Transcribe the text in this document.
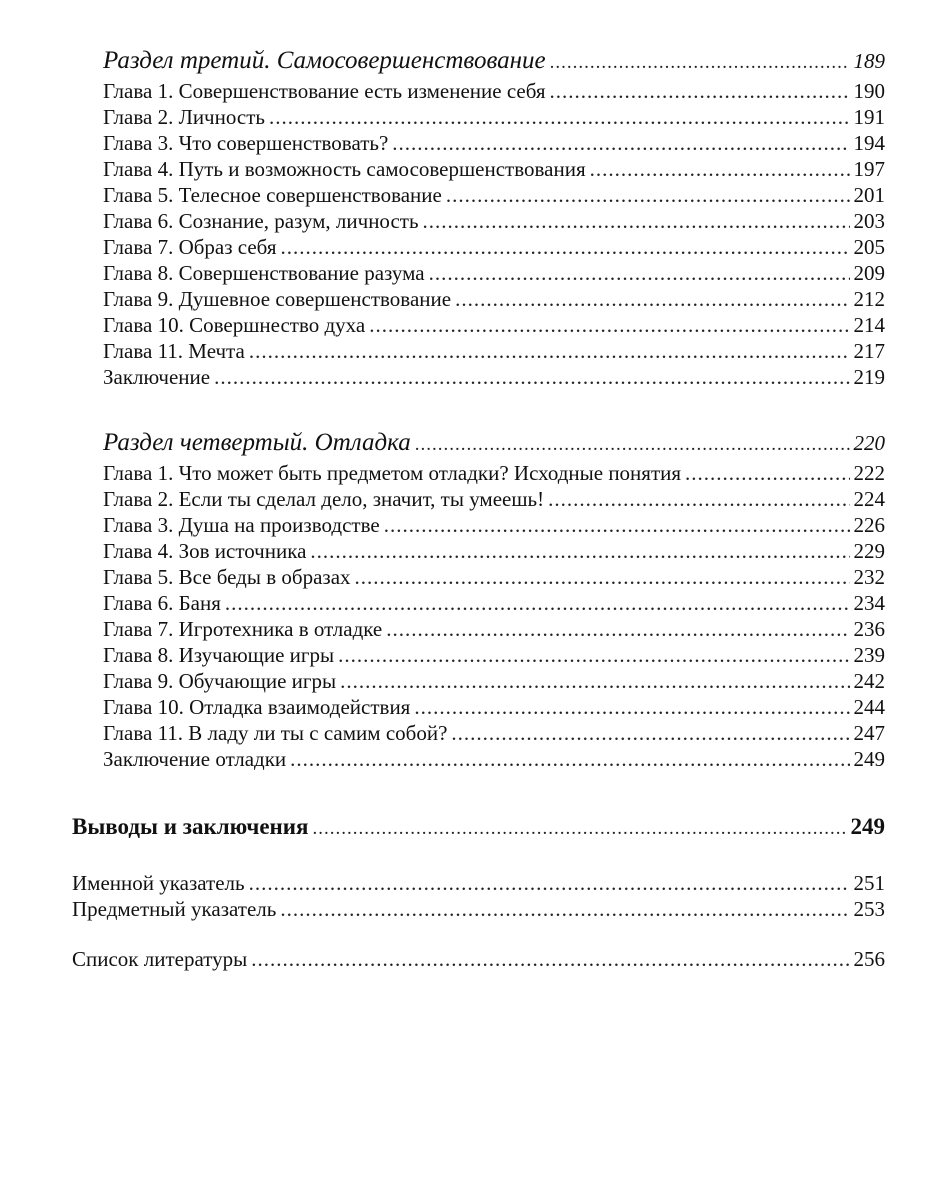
Раздел третий. Самосовершенствование .....	189
Глава 1. Совершенствование есть изменение себя .....	190
Глава 2. Личность .....	191
Глава 3. Что совершенствовать? .....	194
Глава 4. Путь и возможность самосовершенствования .....	197
Глава 5. Телесное совершенствование .....	201
Глава 6. Сознание, разум, личность .....	203
Глава 7. Образ себя .....	205
Глава 8. Совершенствование разума .....	209
Глава 9. Душевное совершенствование .....	212
Глава 10. Совершнество духа .....	214
Глава 11. Мечта .....	217
Заключение .....	219
Раздел четвертый. Отладка .....	220
Глава 1. Что может быть предметом отладки? Исходные понятия .....	222
Глава 2. Если ты сделал дело, значит, ты умеешь! .....	224
Глава 3. Душа на производстве .....	226
Глава 4. Зов источника .....	229
Глава 5. Все беды в образах .....	232
Глава 6. Баня .....	234
Глава 7. Игротехника в отладке .....	236
Глава 8. Изучающие игры .....	239
Глава 9. Обучающие игры .....	242
Глава 10. Отладка взаимодействия .....	244
Глава 11. В ладу ли ты с самим собой? .....	247
Заключение отладки .....	249
Выводы и заключения .....	249
Именной указатель .....	251
Предметный указатель .....	253
Список литературы .....	256
